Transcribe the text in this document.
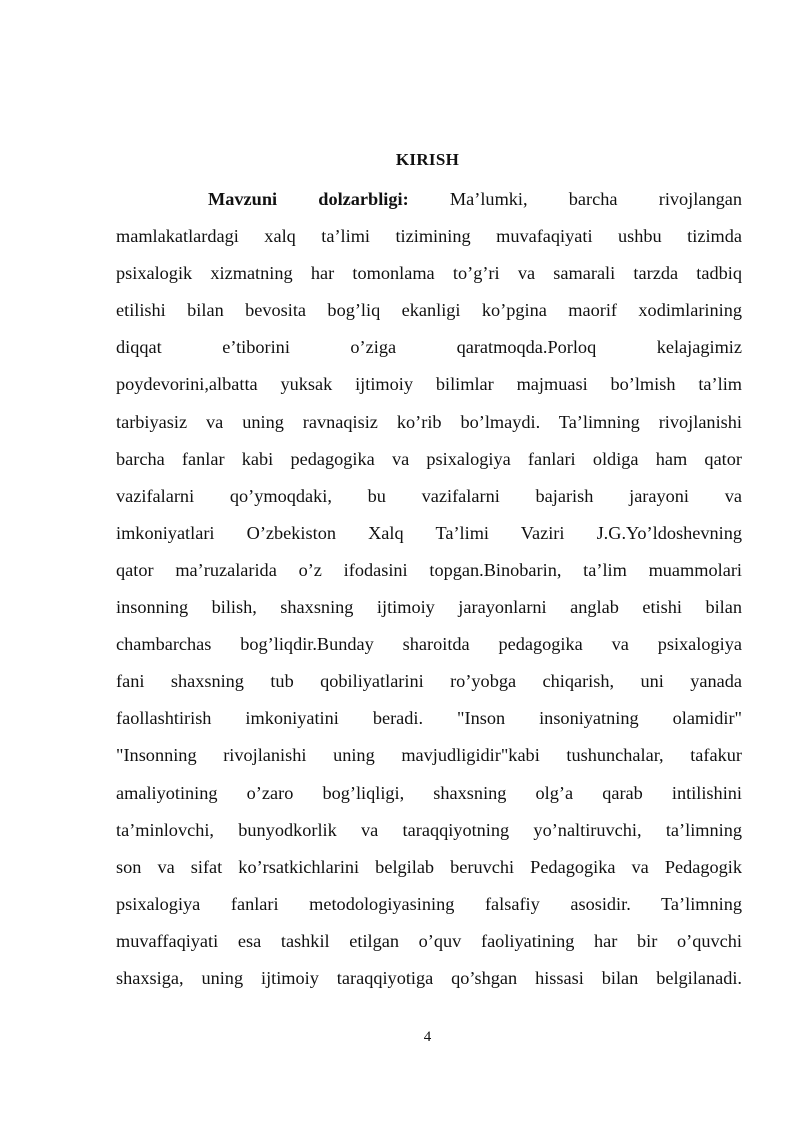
KIRISH
Mavzuni dolzarbligi: Ma’lumki, barcha rivojlangan
mamlakatlardagi xalq ta’limi tizimining muvafaqiyati ushbu tizimda
psixalogik xizmatning har tomonlama to’g’ri va samarali tarzda tadbiq
etilishi bilan bevosita bog’liq ekanligi ko’pgina maorif xodimlarining
diqqat e’tiborini o’ziga qaratmoqda.Porloq kelajagimiz
poydevorini,albatta yuksak ijtimoiy bilimlar majmuasi bo’lmish ta’lim
tarbiyasiz va uning ravnaqisiz ko’rib bo’lmaydi. Ta’limning rivojlanishi
barcha fanlar kabi pedagogika va psixalogiya fanlari oldiga ham qator
vazifalarni qo’ymoqdaki, bu vazifalarni bajarish jarayoni va
imkoniyatlari O’zbekiston Xalq Ta’limi Vaziri J.G.Yo’ldoshevning
qator ma’ruzalarida o’z ifodasini topgan.Binobarin, ta’lim muammolari
insonning bilish, shaxsning ijtimoiy jarayonlarni anglab etishi bilan
chambarchas bog’liqdir.Bunday sharoitda pedagogika va psixalogiya
fani shaxsning tub qobiliyatlarini ro’yobga chiqarish, uni yanada
faollashtirish imkoniyatini beradi. "Inson insoniyatning olamidir"
"Insonning rivojlanishi uning mavjudligidir"kabi tushunchalar, tafakur
amaliyotining o’zaro bog’liqligi, shaxsning olg’a qarab intilishini
ta’minlovchi, bunyodkorlik va taraqqiyotning yo’naltiruvchi, ta’limning
son va sifat ko’rsatkichlarini belgilab beruvchi Pedagogika va Pedagogik
psixalogiya fanlari metodologiyasining falsafiy asosidir. Ta’limning
muvaffaqiyati esa tashkil etilgan o’quv faoliyatining har bir o’quvchi
shaxsiga, uning ijtimoiy taraqqiyotiga qo’shgan hissasi bilan belgilanadi.
4
